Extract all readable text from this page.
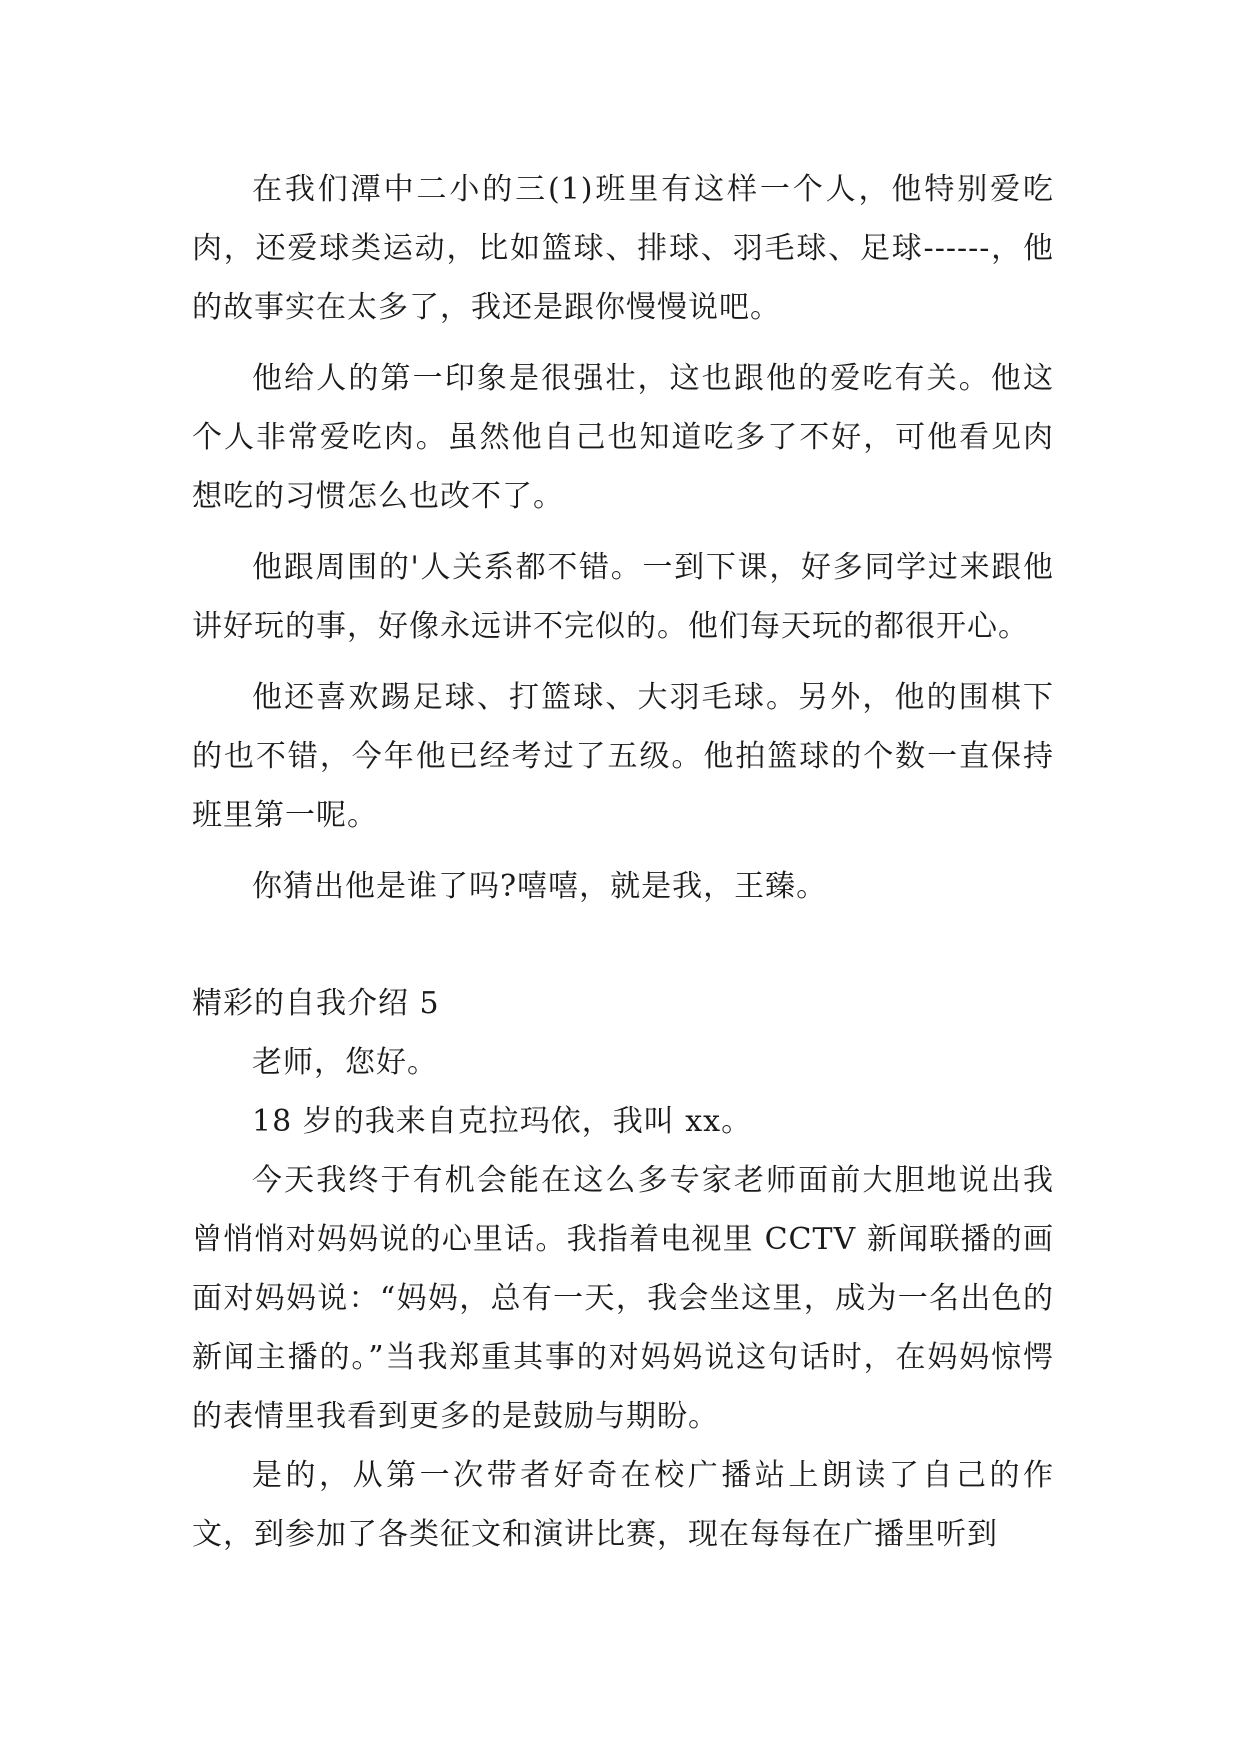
在我们潭中二小的三(1)班里有这样一个人，他特别爱吃肉，还爱球类运动，比如篮球、排球、羽毛球、足球------，他的故事实在太多了，我还是跟你慢慢说吧。

他给人的第一印象是很强壮，这也跟他的爱吃有关。他这个人非常爱吃肉。虽然他自己也知道吃多了不好，可他看见肉想吃的习惯怎么也改不了。

他跟周围的'人关系都不错。一到下课，好多同学过来跟他讲好玩的事，好像永远讲不完似的。他们每天玩的都很开心。

他还喜欢踢足球、打篮球、大羽毛球。另外，他的围棋下的也不错，今年他已经考过了五级。他拍篮球的个数一直保持班里第一呢。

你猜出他是谁了吗?嘻嘻，就是我，王臻。

精彩的自我介绍 5

老师，您好。

18 岁的我来自克拉玛依，我叫 xx。

今天我终于有机会能在这么多专家老师面前大胆地说出我曾悄悄对妈妈说的心里话。我指着电视里 CCTV 新闻联播的画面对妈妈说：“妈妈，总有一天，我会坐这里，成为一名出色的新闻主播的。”当我郑重其事的对妈妈说这句话时，在妈妈惊愕的表情里我看到更多的是鼓励与期盼。

是的，从第一次带者好奇在校广播站上朗读了自己的作文，到参加了各类征文和演讲比赛，现在每每在广播里听到
